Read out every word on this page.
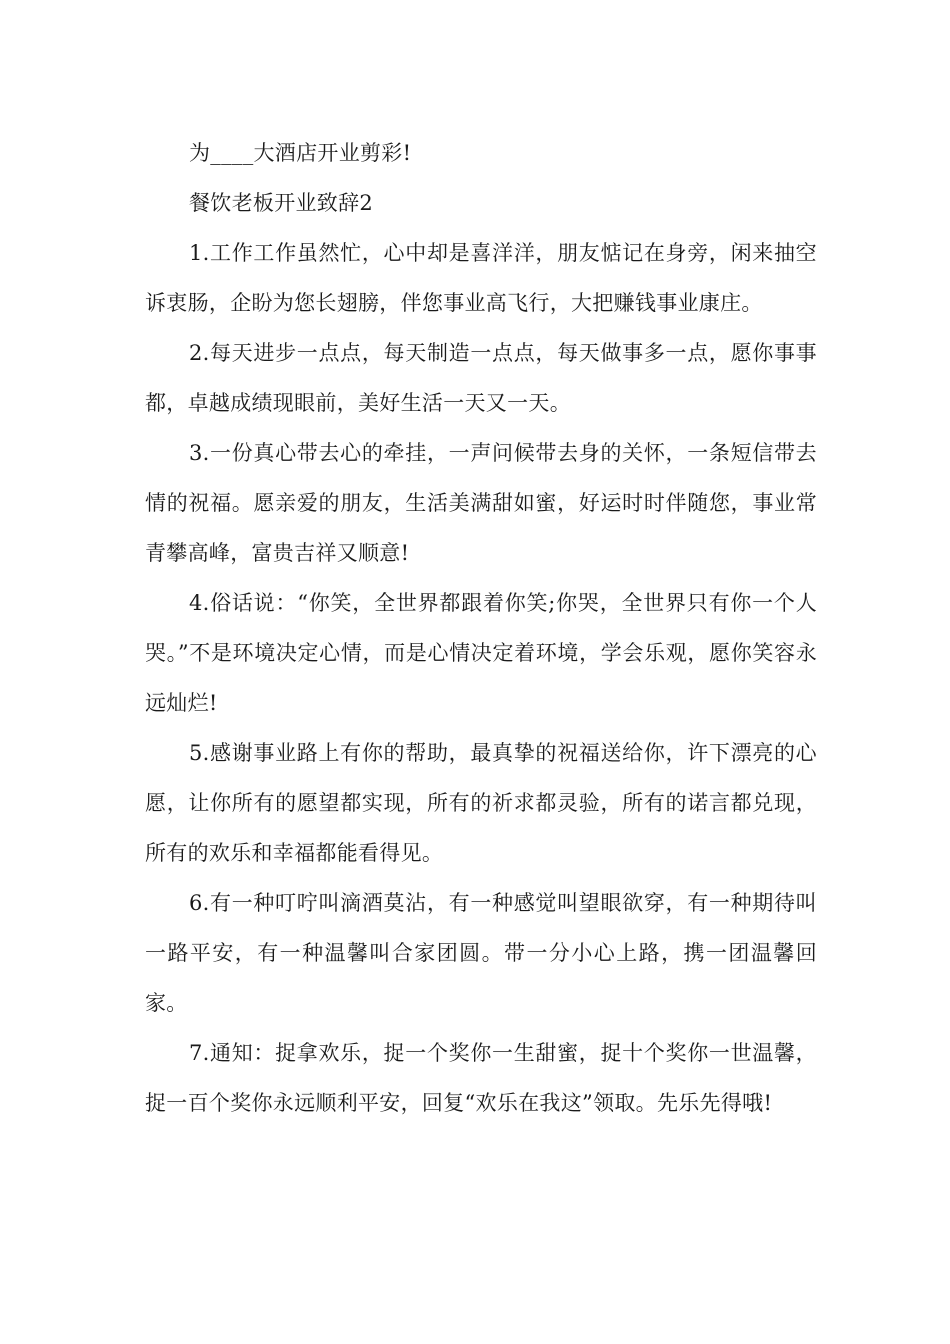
为____大酒店开业剪彩!

餐饮老板开业致辞2

1.工作工作虽然忙，心中却是喜洋洋，朋友惦记在身旁，闲来抽空诉衷肠，企盼为您长翅膀，伴您事业高飞行，大把赚钱事业康庄。

2.每天进步一点点，每天制造一点点，每天做事多一点，愿你事事都，卓越成绩现眼前，美好生活一天又一天。

3.一份真心带去心的牵挂，一声问候带去身的关怀，一条短信带去情的祝福。愿亲爱的朋友，生活美满甜如蜜，好运时时伴随您，事业常青攀高峰，富贵吉祥又顺意!

4.俗话说：“你笑，全世界都跟着你笑;你哭，全世界只有你一个人哭。”不是环境决定心情，而是心情决定着环境，学会乐观，愿你笑容永远灿烂!

5.感谢事业路上有你的帮助，最真挚的祝福送给你，许下漂亮的心愿，让你所有的愿望都实现，所有的祈求都灵验，所有的诺言都兑现，所有的欢乐和幸福都能看得见。

6.有一种叮咛叫滴酒莫沾，有一种感觉叫望眼欲穿，有一种期待叫一路平安，有一种温馨叫合家团圆。带一分小心上路，携一团温馨回家。

7.通知：捉拿欢乐，捉一个奖你一生甜蜜，捉十个奖你一世温馨，捉一百个奖你永远顺利平安，回复“欢乐在我这”领取。先乐先得哦!
